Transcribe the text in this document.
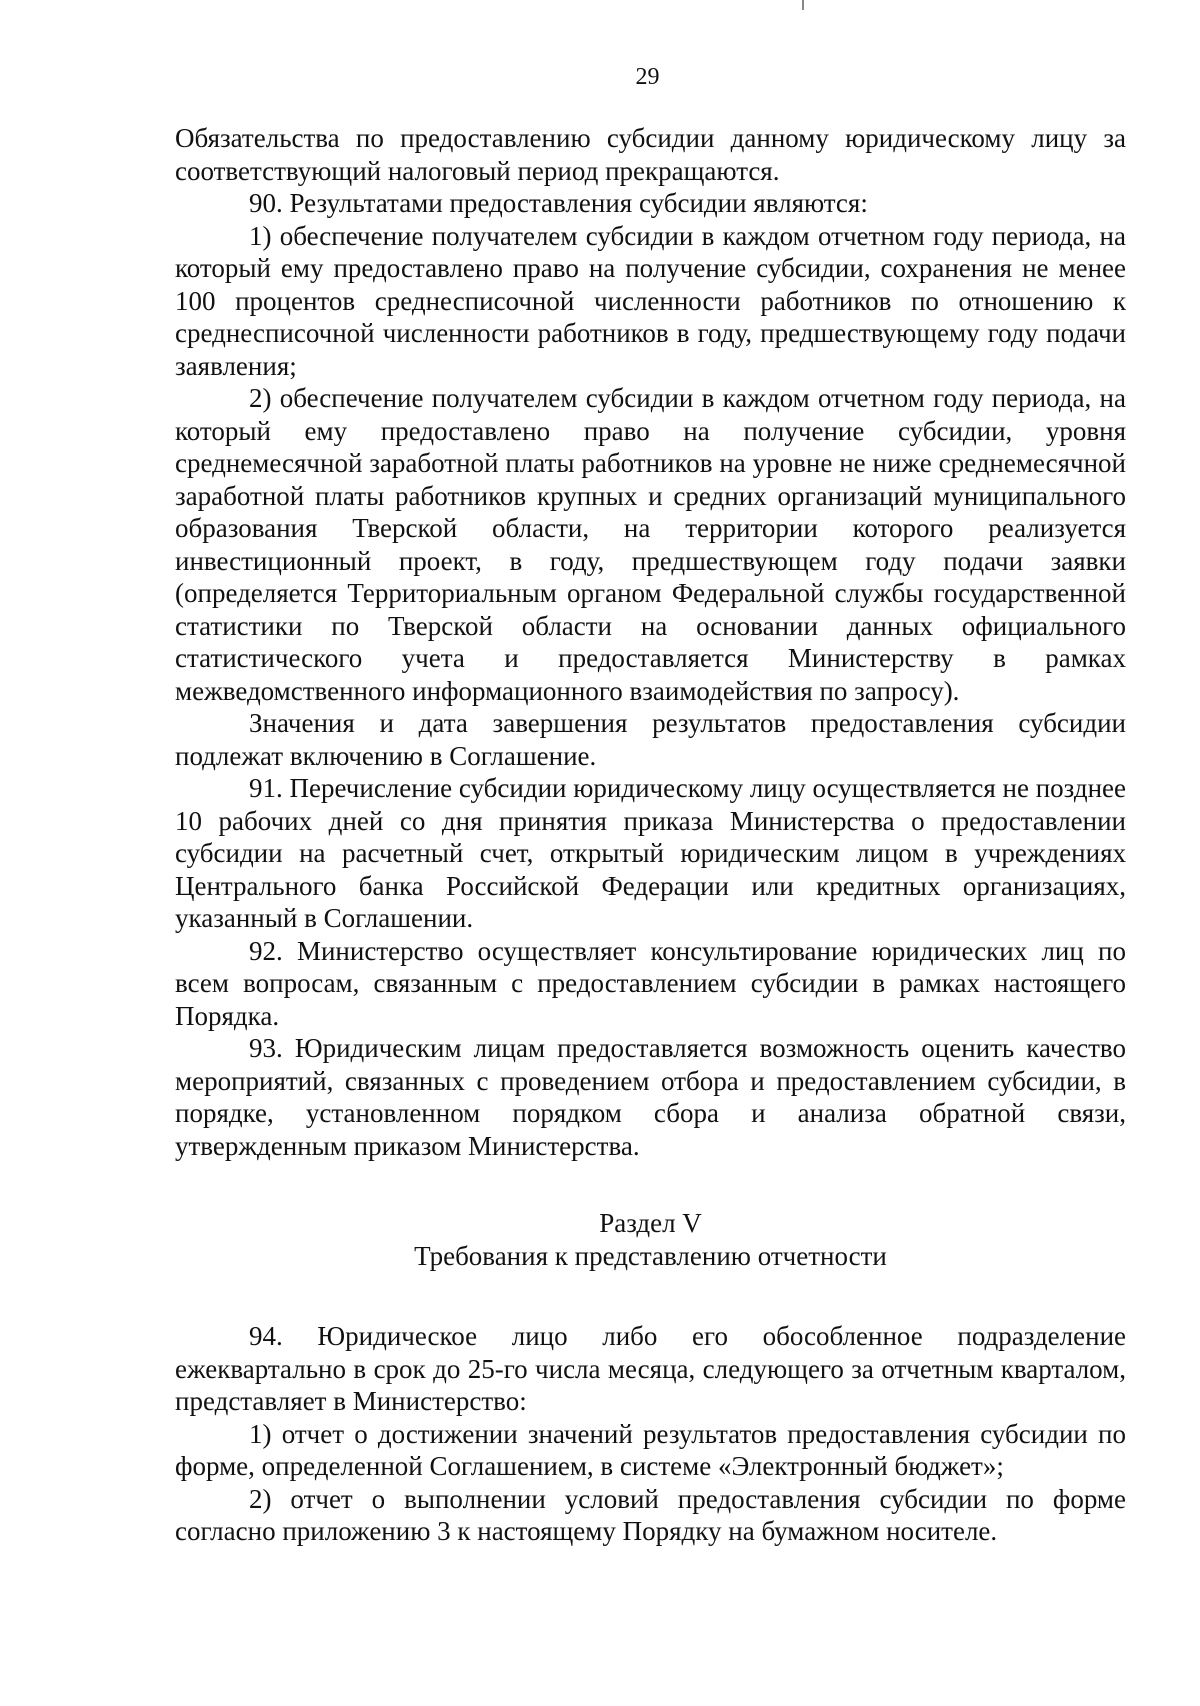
29

Обязательства по предоставлению субсидии данному юридическому лицу за соответствующий налоговый период прекращаются.

90. Результатами предоставления субсидии являются:

1) обеспечение получателем субсидии в каждом отчетном году периода, на который ему предоставлено право на получение субсидии, сохранения не менее 100 процентов среднесписочной численности работников по отношению к среднесписочной численности работников в году, предшествующему году подачи заявления;

2) обеспечение получателем субсидии в каждом отчетном году периода, на который ему предоставлено право на получение субсидии, уровня среднемесячной заработной платы работников на уровне не ниже среднемесячной заработной платы работников крупных и средних организаций муниципального образования Тверской области, на территории которого реализуется инвестиционный проект, в году, предшествующем году подачи заявки (определяется Территориальным органом Федеральной службы государственной статистики по Тверской области на основании данных официального статистического учета и предоставляется Министерству в рамках межведомственного информационного взаимодействия по запросу).

Значения и дата завершения результатов предоставления субсидии подлежат включению в Соглашение.

91. Перечисление субсидии юридическому лицу осуществляется не позднее 10 рабочих дней со дня принятия приказа Министерства о предоставлении субсидии на расчетный счет, открытый юридическим лицом в учреждениях Центрального банка Российской Федерации или кредитных организациях, указанный в Соглашении.

92. Министерство осуществляет консультирование юридических лиц по всем вопросам, связанным с предоставлением субсидии в рамках настоящего Порядка.

93. Юридическим лицам предоставляется возможность оценить качество мероприятий, связанных с проведением отбора и предоставлением субсидии, в порядке, установленном порядком сбора и анализа обратной связи, утвержденным приказом Министерства.

Раздел V

Требования к представлению отчетности

94. Юридическое лицо либо его обособленное подразделение ежеквартально в срок до 25-го числа месяца, следующего за отчетным кварталом, представляет в Министерство:

1) отчет о достижении значений результатов предоставления субсидии по форме, определенной Соглашением, в системе «Электронный бюджет»;

2) отчет о выполнении условий предоставления субсидии по форме согласно приложению 3 к настоящему Порядку на бумажном носителе.
